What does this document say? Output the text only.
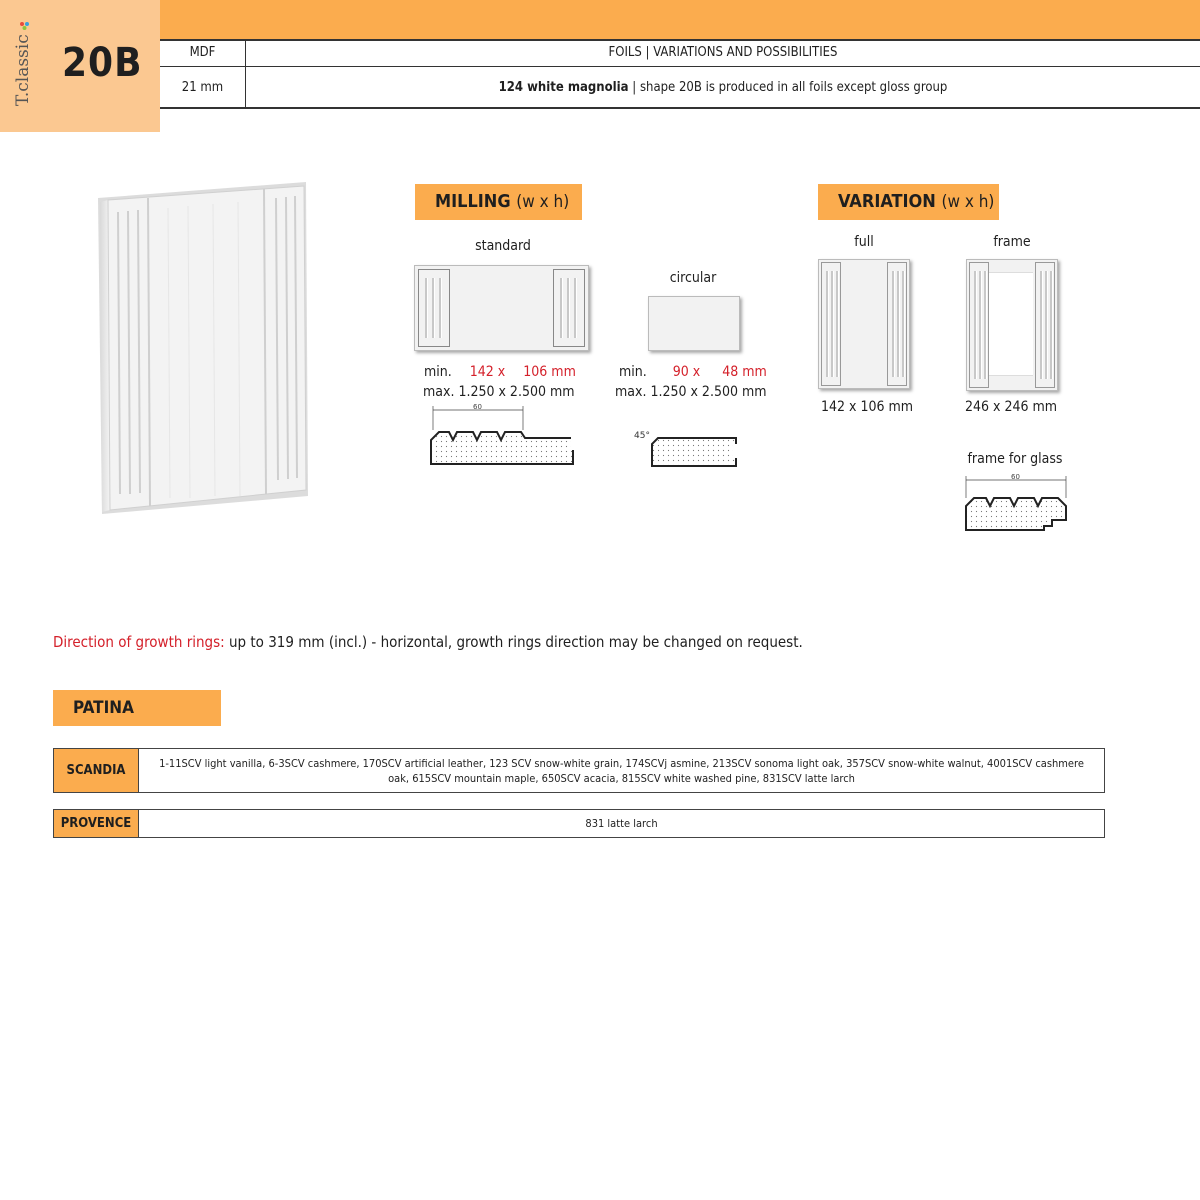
T.classic 20B	MDF	FOILS | VARIATIONS AND POSSIBILITIES
21 mm	124 white magnolia | shape 20B is produced in all foils except gloss group
MILLING (w x h)
standard
min. 142 x 106 mm
max. 1.250 x 2.500 mm
60
circular
min. 90 x 48 mm
max. 1.250 x 2.500 mm
45°
VARIATION (w x h)
full
142 x 106 mm
frame
246 x 246 mm
frame for glass
60
Direction of growth rings: up to 319 mm (incl.) - horizontal, growth rings direction may be changed on request.
PATINA
SCANDIA	1-11SCV light vanilla, 6-3SCV cashmere, 170SCV artificial leather, 123 SCV snow-white grain, 174SCVj asmine, 213SCV sonoma light oak, 357SCV snow-white walnut, 4001SCV cashmere oak, 615SCV mountain maple, 650SCV acacia, 815SCV white washed pine, 831SCV latte larch
PROVENCE	831 latte larch
